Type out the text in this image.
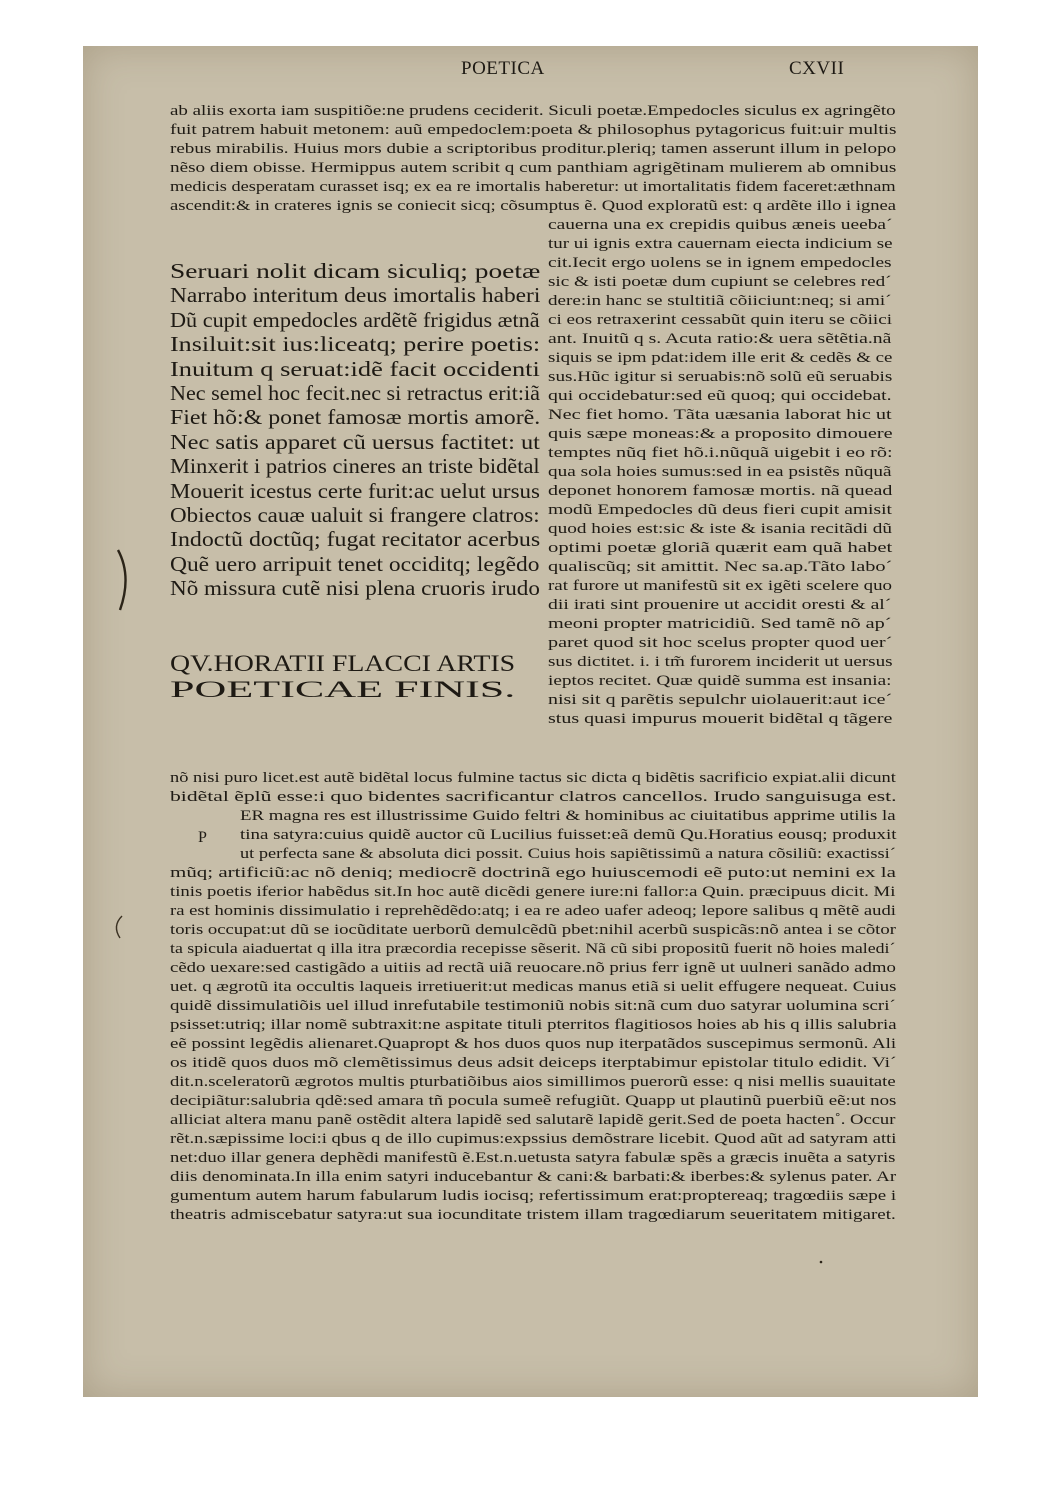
POETICA	CXVII
ab aliis exorta iam suspitiõe:ne prudens ceciderit. Siculi poetæ.Empedocles siculus ex agringẽto
fuit patrem habuit metonem: auũ empedoclem:poeta & philosophus pytagoricus fuit:uir multis
rebus mirabilis. Huius mors dubie a scriptoribus proditur.pleriq; tamen asserunt illum in pelopo
nẽso diem obisse. Hermippus autem scribit q cum panthiam agrigẽtinam mulierem ab omnibus
medicis desperatam curasset isq; ex ea re imortalis haberetur: ut imortalitatis fidem faceret:æthnam
ascendit:& in crateres ignis se coniecit sicq; cõsumptus ẽ. Quod exploratũ est: q ardẽte illo i ignea
cauerna una ex crepidis quibus æneis ueeba´
tur ui ignis extra cauernam eiecta indicium se
cit.Iecit ergo uolens se in ignem empedocles
sic & isti poetæ dum cupiunt se celebres red´
dere:in hanc se stultitiã cõiiciunt:neq; si ami´
ci eos retraxerint cessabũt quin iteru se cõiici
ant. Inuitũ q s. Acuta ratio:& uera sẽtẽtia.nã
siquis se ipm pdat:idem ille erit & cedẽs & ce
sus.Hũc igitur si seruabis:nõ solũ eũ seruabis
qui occidebatur:sed eũ quoq; qui occidebat.
Nec fiet homo. Tãta uæsania laborat hic ut
quis sæpe moneas:& a proposito dimouere
temptes nũq fiet hõ.i.nũquã uigebit i eo rõ:
qua sola hoies sumus:sed in ea psistẽs nũquã
deponet honorem famosæ mortis. nã quead
modũ Empedocles dũ deus fieri cupit amisit
quod hoies est:sic & iste & isania recitãdi dũ
optimi poetæ gloriã quærit eam quã habet
qualiscũq; sit amittit. Nec sa.ap.Tãto labo´
rat furore ut manifestũ sit ex igẽti scelere quo
dii irati sint prouenire ut accidit oresti & al´
meoni propter matricidiũ. Sed tamẽ nõ ap´
paret quod sit hoc scelus propter quod uer´
sus dictitet. i. i tm̃ furorem inciderit ut uersus
ieptos recitet. Quæ quidẽ summa est insania:
nisi sit q parẽtis sepulchr uiolauerit:aut ice´
stus quasi impurus mouerit bidẽtal q tãgere
Seruari nolit dicam siculiq; poetæ
Narrabo interitum deus imortalis haberi
Dũ cupit empedocles ardẽtẽ frigidus ætnã
Insiluit:sit ius:liceatq; perire poetis:
Inuitum q seruat:idẽ facit occidenti
Nec semel hoc fecit.nec si retractus erit:iã
Fiet hõ:& ponet famosæ mortis amorẽ.
Nec satis apparet cũ uersus factitet: ut
Minxerit i patrios cineres an triste bidẽtal
Mouerit icestus certe furit:ac uelut ursus
Obiectos cauæ ualuit si frangere clatros:
Indoctũ doctũq; fugat recitator acerbus
Quẽ uero arripuit tenet occiditq; legẽdo
Nõ missura cutẽ nisi plena cruoris irudo
QV.HORATII FLACCI ARTIS
POETICAE FINIS.
nõ nisi puro licet.est autẽ bidẽtal locus fulmine tactus sic dicta q bidẽtis sacrificio expiat.alii dicunt
bidẽtal ẽplũ esse:i quo bidentes sacrificantur clatros cancellos. Irudo sanguisuga est.
ER magna res est illustrissime Guido feltri & hominibus ac ciuitatibus apprime utilis la
tina satyra:cuius quidẽ auctor cũ Lucilius fuisset:eã demũ Qu.Horatius eousq; produxit
ut perfecta sane & absoluta dici possit. Cuius hois sapiẽtissimũ a natura cõsiliũ: exactissi´
mũq; artificiũ:ac nõ deniq; mediocrẽ doctrinã ego huiuscemodi eẽ puto:ut nemini ex la
tinis poetis iferior habẽdus sit.In hoc autẽ dicẽdi genere iure:ni fallor:a Quin. præcipuus dicit. Mi
ra est hominis dissimulatio i reprehẽdẽdo:atq; i ea re adeo uafer adeoq; lepore salibus q mẽtẽ audi
toris occupat:ut dũ se iocũditate uerborũ demulcẽdũ pbet:nihil acerbũ suspicãs:nõ antea i se cõtor
ta spicula aiaduertat q illa itra præcordia recepisse sẽserit. Nã cũ sibi propositũ fuerit nõ hoies maledi´
cẽdo uexare:sed castigãdo a uitiis ad rectã uiã reuocare.nõ prius ferr ignẽ ut uulneri sanãdo admo
uet. q ægrotũ ita occultis laqueis irretiuerit:ut medicas manus etiã si uelit effugere nequeat. Cuius
quidẽ dissimulatiõis uel illud inrefutabile testimoniũ nobis sit:nã cum duo satyrar uolumina scri´
psisset:utriq; illar nomẽ subtraxit:ne aspitate tituli pterritos flagitiosos hoies ab his q illis salubria
eẽ possint legẽdis alienaret.Quapropt & hos duos quos nup iterpatãdos suscepimus sermonũ. Ali
os itidẽ quos duos mõ clemẽtissimus deus adsit deiceps iterptabimur epistolar titulo edidit. Vi´
dit.n.sceleratorũ ægrotos multis pturbatiõibus aios simillimos puerorũ esse: q nisi mellis suauitate
decipiãtur:salubria qdẽ:sed amara tñ pocula sumeẽ refugiũt. Quapp ut plautinũ puerbiũ eẽ:ut nos
alliciat altera manu panẽ ostẽdit altera lapidẽ sed salutarẽ lapidẽ gerit.Sed de poeta hacten˚. Occur
rẽt.n.sæpissime loci:i qbus q de illo cupimus:expssius demõstrare licebit. Quod aũt ad satyram atti
net:duo illar genera dephẽdi manifestũ ẽ.Est.n.uetusta satyra fabulæ spẽs a græcis inuẽta a satyris
diis denominata.In illa enim satyri inducebantur & cani:& barbati:& iberbes:& sylenus pater. Ar
gumentum autem harum fabularum ludis iocisq; refertissimum erat:proptereaq; tragœdiis sæpe i
theatris admiscebatur satyra:ut sua iocunditate tristem illam tragœdiarum seueritatem mitigaret.
P
